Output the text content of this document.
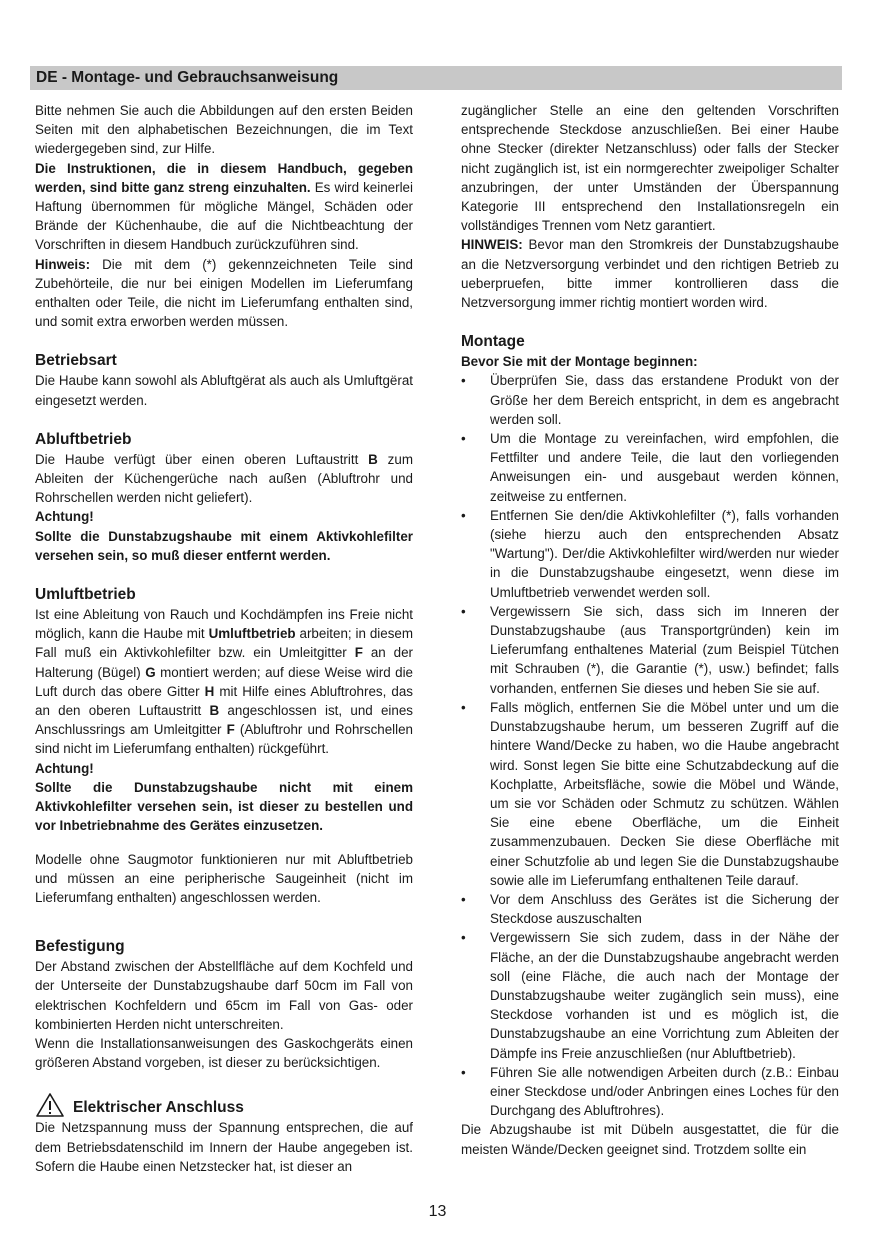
DE - Montage- und Gebrauchsanweisung

Bitte nehmen Sie auch die Abbildungen auf den ersten Beiden Seiten mit den alphabetischen Bezeichnungen, die im Text wiedergegeben sind, zur Hilfe.

Die Instruktionen, die in diesem Handbuch, gegeben werden, sind bitte ganz streng einzuhalten. Es wird keinerlei Haftung übernommen für mögliche Mängel, Schäden oder Brände der Küchenhaube, die auf die Nichtbeachtung der Vorschriften in diesem Handbuch zurückzuführen sind.

Hinweis: Die mit dem (*) gekennzeichneten Teile sind Zubehörteile, die nur bei einigen Modellen im Lieferumfang enthalten oder Teile, die nicht im Lieferumfang enthalten sind, und somit extra erworben werden müssen.

Betriebsart

Die Haube kann sowohl als Abluftgërat als auch als Umluftgërat eingesetzt werden.

Abluftbetrieb

Die Haube verfügt über einen oberen Luftaustritt B zum Ableiten der Küchengerüche nach außen (Abluftrohr und Rohrschellen werden nicht geliefert).

Achtung!

Sollte die Dunstabzugshaube mit einem Aktivkohlefilter versehen sein, so muß dieser entfernt werden.

Umluftbetrieb

Ist eine Ableitung von Rauch und Kochdämpfen ins Freie nicht möglich, kann die Haube mit Umluftbetrieb arbeiten; in diesem Fall muß ein Aktivkohlefilter bzw. ein Umleitgitter F an der Halterung (Bügel) G montiert werden; auf diese Weise wird die Luft durch das obere Gitter H mit Hilfe eines Abluftrohres, das an den oberen Luftaustritt B angeschlossen ist, und eines Anschlussrings am Umleitgitter F (Abluftrohr und Rohrschellen sind nicht im Lieferumfang enthalten) rückgeführt.

Achtung!

Sollte die Dunstabzugshaube nicht mit einem Aktivkohlefilter versehen sein, ist dieser zu bestellen und vor Inbetriebnahme des Gerätes einzusetzen.

Modelle ohne Saugmotor funktionieren nur mit Abluftbetrieb und müssen an eine peripherische Saugeinheit (nicht im Lieferumfang enthalten) angeschlossen werden.

Befestigung

Der Abstand zwischen der Abstellfläche auf dem Kochfeld und der Unterseite der Dunstabzugshaube darf 50cm im Fall von elektrischen Kochfeldern und 65cm im Fall von Gas- oder kombinierten Herden nicht unterschreiten.

Wenn die Installationsanweisungen des Gaskochgeräts einen größeren Abstand vorgeben, ist dieser zu berücksichtigen.

Elektrischer Anschluss

Die Netzspannung muss der Spannung entsprechen, die auf dem Betriebsdatenschild im Innern der Haube angegeben ist. Sofern die Haube einen Netzstecker hat, ist dieser an

zugänglicher Stelle an eine den geltenden Vorschriften entsprechende Steckdose anzuschließen. Bei einer Haube ohne Stecker (direkter Netzanschluss) oder falls der Stecker nicht zugänglich ist, ist ein normgerechter zweipoliger Schalter anzubringen, der unter Umständen der Überspannung Kategorie III entsprechend den Installationsregeln ein vollständiges Trennen vom Netz garantiert.

HINWEIS: Bevor man den Stromkreis der Dunstabzugshaube an die Netzversorgung verbindet und den richtigen Betrieb zu ueberpruefen, bitte immer kontrollieren dass die Netzversorgung immer richtig montiert worden wird.

Montage

Bevor Sie mit der Montage beginnen:

• Überprüfen Sie, dass das erstandene Produkt von der Größe her dem Bereich entspricht, in dem es angebracht werden soll.
• Um die Montage zu vereinfachen, wird empfohlen, die Fettfilter und andere Teile, die laut den vorliegenden Anweisungen ein- und ausgebaut werden können, zeitweise zu entfernen.
• Entfernen Sie den/die Aktivkohlefilter (*), falls vorhanden (siehe hierzu auch den entsprechenden Absatz "Wartung"). Der/die Aktivkohlefilter wird/werden nur wieder in die Dunstabzugshaube eingesetzt, wenn diese im Umluftbetrieb verwendet werden soll.
• Vergewissern Sie sich, dass sich im Inneren der Dunstabzugshaube (aus Transportgründen) kein im Lieferumfang enthaltenes Material (zum Beispiel Tütchen mit Schrauben (*), die Garantie (*), usw.) befindet; falls vorhanden, entfernen Sie dieses und heben Sie sie auf.
• Falls möglich, entfernen Sie die Möbel unter und um die Dunstabzugshaube herum, um besseren Zugriff auf die hintere Wand/Decke zu haben, wo die Haube angebracht wird. Sonst legen Sie bitte eine Schutzabdeckung auf die Kochplatte, Arbeitsfläche, sowie die Möbel und Wände, um sie vor Schäden oder Schmutz zu schützen. Wählen Sie eine ebene Oberfläche, um die Einheit zusammenzubauen. Decken Sie diese Oberfläche mit einer Schutzfolie ab und legen Sie die Dunstabzugshaube sowie alle im Lieferumfang enthaltenen Teile darauf.
• Vor dem Anschluss des Gerätes ist die Sicherung der Steckdose auszuschalten
• Vergewissern Sie sich zudem, dass in der Nähe der Fläche, an der die Dunstabzugshaube angebracht werden soll (eine Fläche, die auch nach der Montage der Dunstabzugshaube weiter zugänglich sein muss), eine Steckdose vorhanden ist und es möglich ist, die Dunstabzugshaube an eine Vorrichtung zum Ableiten der Dämpfe ins Freie anzuschließen (nur Abluftbetrieb).
• Führen Sie alle notwendigen Arbeiten durch (z.B.: Einbau einer Steckdose und/oder Anbringen eines Loches für den Durchgang des Abluftrohres).

Die Abzugshaube ist mit Dübeln ausgestattet, die für die meisten Wände/Decken geeignet sind. Trotzdem sollte ein

13
